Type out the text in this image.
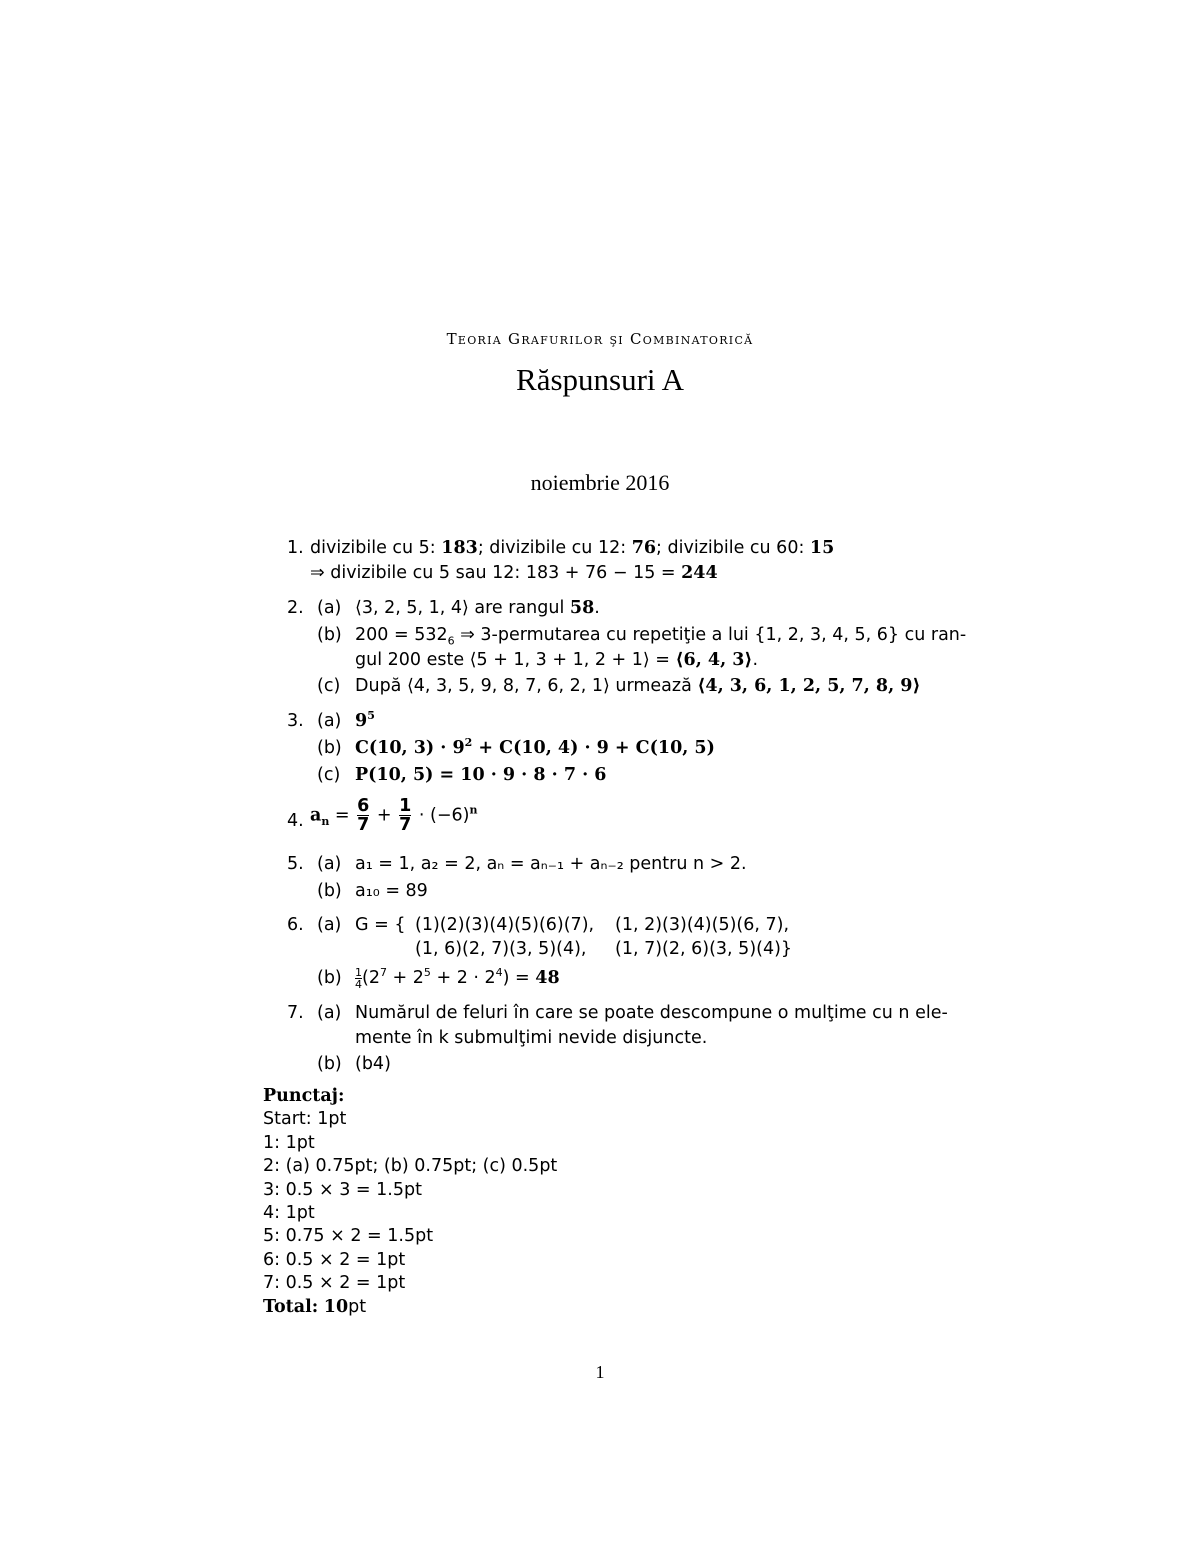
Teoria Grafurilor şi Combinatorică
Răspunsuri A
noiembrie 2016
1. divizibile cu 5: 183; divizibile cu 12: 76; divizibile cu 60: 15
⇒ divizibile cu 5 sau 12: 183 + 76 − 15 = 244
2. (a) ⟨3, 2, 5, 1, 4⟩ are rangul 58.
(b) $200 = 532_6$ ⇒ 3-permutarea cu repetiţie a lui {1, 2, 3, 4, 5, 6} cu ran-
gul 200 este ⟨5 + 1, 3 + 1, 2 + 1⟩ = ⟨6, 4, 3⟩.
(c) După ⟨4, 3, 5, 9, 8, 7, 6, 2, 1⟩ urmează ⟨4, 3, 6, 1, 2, 5, 7, 8, 9⟩
3. (a) $9^5$
(b) C(10, $3) \cdot 9^2 + C(10$, 4) · 9 + C(10, 5)
(c) P(10, 5) = 10 · 9 · 8 · 7 · 6
4. $a_n = \frac{6}{7} + \frac{1}{7} \cdot (-6)^n$
5. (a) a₁ = 1, a₂ = 2, aₙ = aₙ₋₁ + aₙ₋₂ pentru n > 2.
(b) a₁₀ = 89
6. (a) G = { (1)(2)(3)(4)(5)(6)(7), (1, 2)(3)(4)(5)(6, 7),
(1, 6)(2, 7)(3, 5)(4), (1, 7)(2, 6)(3, 5)(4)}
$(b) \frac{1}{4} (2^7 + 2^5 + 2 \cdot 2^4) = 48$
7. (a) Numărul de feluri în care se poate descompune o mulţime cu n ele-
mente în k submulţimi nevide disjuncte.
(b) (b4)
Punctaj:
Start: 1pt
1: 1pt
2: (a) 0.75pt; (b) 0.75pt; (c) 0.5pt
3: 0.5 × 3 = 1.5pt
4: 1pt
5: 0.75 × 2 = 1.5pt
6: 0.5 × 2 = 1pt
7: 0.5 × 2 = 1pt
Total: 10pt
1
